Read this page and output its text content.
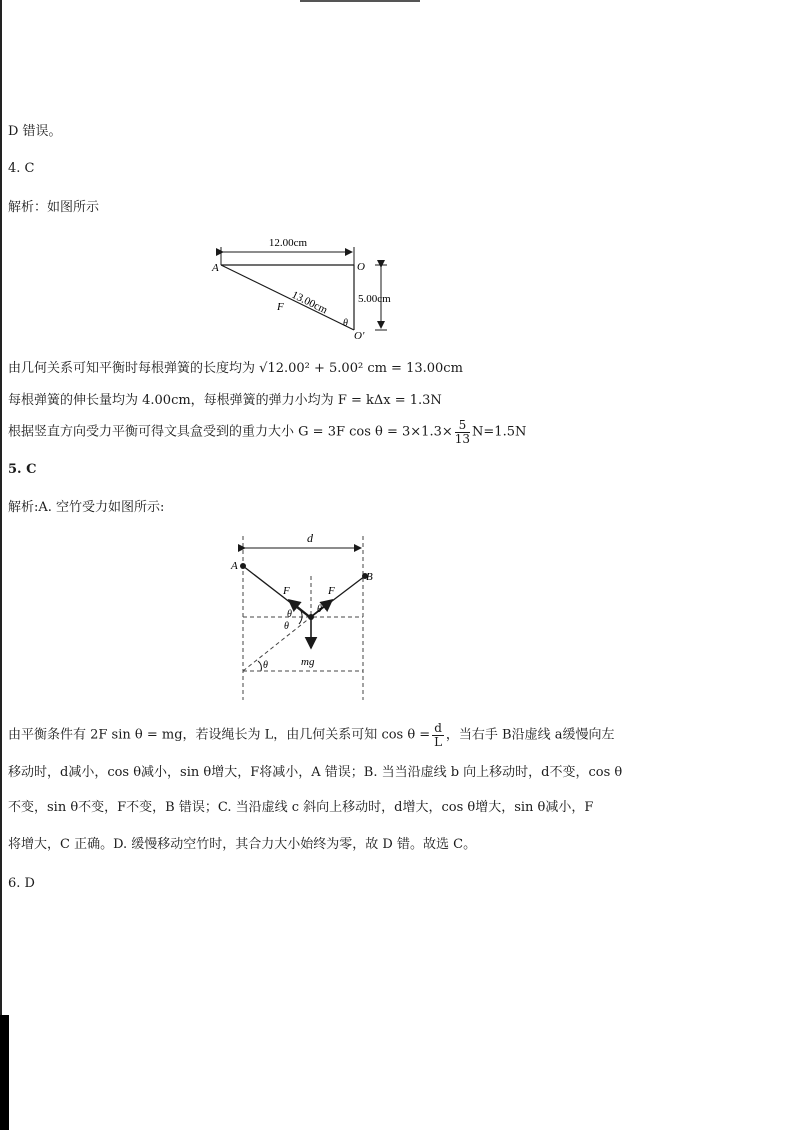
D 错误。
4. C
解析：如图所示
12.00cm
A	O
O'
13.00cm
F
5.00cm
θ
由几何关系可知平衡时每根弹簧的长度均为 √12.00² + 5.00² cm = 13.00cm
每根弹簧的伸长量均为 4.00cm，每根弹簧的弹力小均为 F = kΔx = 1.3N
根据竖直方向受力平衡可得文具盒受到的重力大小 G = 3F $\cos \theta = 3\times 1.3\times \frac{5}{13} N=1.5N$
5. C
解析:A. 空竹受力如图所示:
d
A
B
F	F
θ
θ
θ
θ	mg
由平衡条件有 2F sin θ = mg，若设绳长为 L，由几何关系可知 $\cos \theta = \frac{d}{L}$ ，当右手 B沿虚线 a缓慢向左
移动时，d减小，cos θ减小，sin θ增大，F将减小，A 错误；B. 当当沿虚线 b 向上移动时，d不变，cos θ
不变，sin θ不变，F不变，B 错误；C. 当沿虚线 c 斜向上移动时，d增大，cos θ增大，sin θ减小，F
将增大，C 正确。D. 缓慢移动空竹时，其合力大小始终为零，故 D 错。故选 C。
6. D
